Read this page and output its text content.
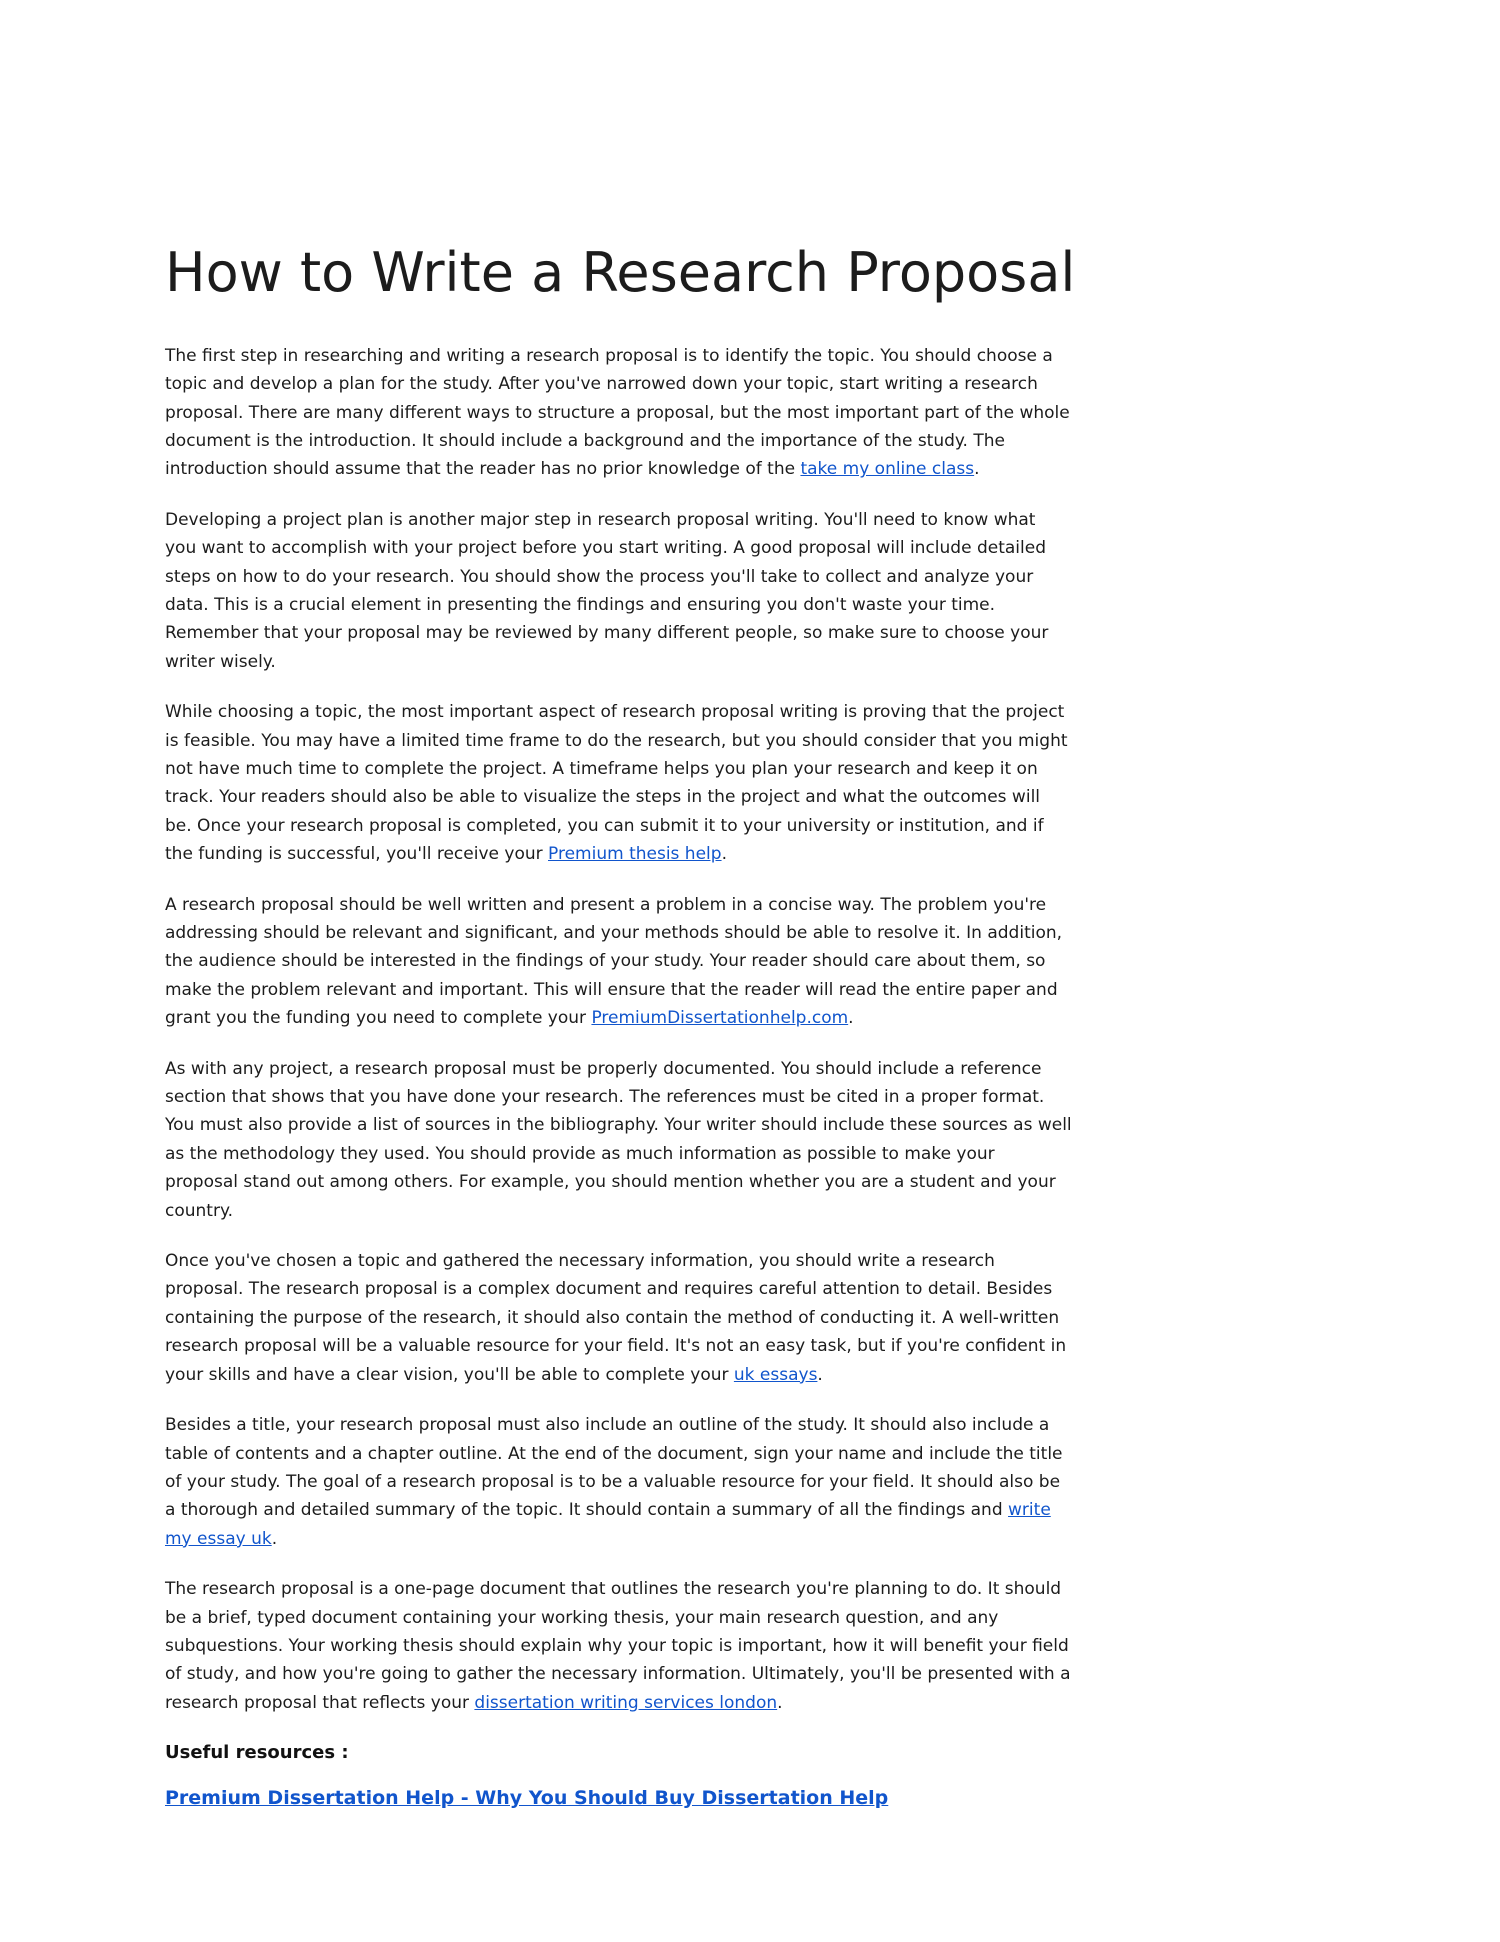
How to Write a Research Proposal

The first step in researching and writing a research proposal is to identify the topic. You should choose a topic and develop a plan for the study. After you've narrowed down your topic, start writing a research proposal. There are many different ways to structure a proposal, but the most important part of the whole document is the introduction. It should include a background and the importance of the study. The introduction should assume that the reader has no prior knowledge of the take my online class.

Developing a project plan is another major step in research proposal writing. You'll need to know what you want to accomplish with your project before you start writing. A good proposal will include detailed steps on how to do your research. You should show the process you'll take to collect and analyze your data. This is a crucial element in presenting the findings and ensuring you don't waste your time. Remember that your proposal may be reviewed by many different people, so make sure to choose your writer wisely.

While choosing a topic, the most important aspect of research proposal writing is proving that the project is feasible. You may have a limited time frame to do the research, but you should consider that you might not have much time to complete the project. A timeframe helps you plan your research and keep it on track. Your readers should also be able to visualize the steps in the project and what the outcomes will be. Once your research proposal is completed, you can submit it to your university or institution, and if the funding is successful, you'll receive your Premium thesis help.

A research proposal should be well written and present a problem in a concise way. The problem you're addressing should be relevant and significant, and your methods should be able to resolve it. In addition, the audience should be interested in the findings of your study. Your reader should care about them, so make the problem relevant and important. This will ensure that the reader will read the entire paper and grant you the funding you need to complete your PremiumDissertationhelp.com.

As with any project, a research proposal must be properly documented. You should include a reference section that shows that you have done your research. The references must be cited in a proper format. You must also provide a list of sources in the bibliography. Your writer should include these sources as well as the methodology they used. You should provide as much information as possible to make your proposal stand out among others. For example, you should mention whether you are a student and your country.

Once you've chosen a topic and gathered the necessary information, you should write a research proposal. The research proposal is a complex document and requires careful attention to detail. Besides containing the purpose of the research, it should also contain the method of conducting it. A well-written research proposal will be a valuable resource for your field. It's not an easy task, but if you're confident in your skills and have a clear vision, you'll be able to complete your uk essays.

Besides a title, your research proposal must also include an outline of the study. It should also include a table of contents and a chapter outline. At the end of the document, sign your name and include the title of your study. The goal of a research proposal is to be a valuable resource for your field. It should also be a thorough and detailed summary of the topic. It should contain a summary of all the findings and write my essay uk.

The research proposal is a one-page document that outlines the research you're planning to do. It should be a brief, typed document containing your working thesis, your main research question, and any subquestions. Your working thesis should explain why your topic is important, how it will benefit your field of study, and how you're going to gather the necessary information. Ultimately, you'll be presented with a research proposal that reflects your dissertation writing services london.

Useful resources :

Premium Dissertation Help - Why You Should Buy Dissertation Help
